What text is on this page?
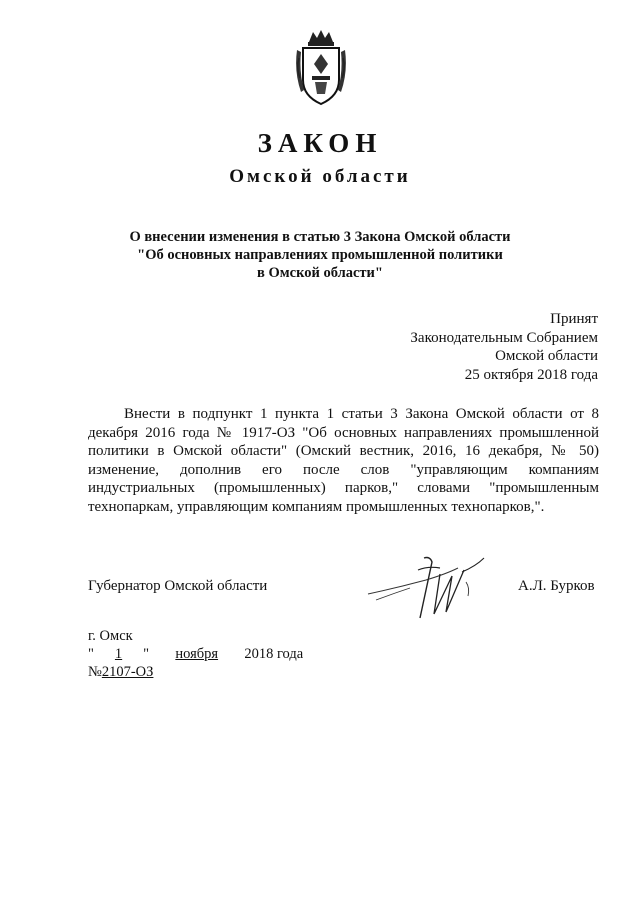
ЗАКОН
Омской области
О внесении изменения в статью 3 Закона Омской области
"Об основных направлениях промышленной политики
в Омской области"
Принят
Законодательным Собранием
Омской области
25 октября 2018 года

Внести в подпункт 1 пункта 1 статьи 3 Закона Омской области от 8 декабря 2016 года № 1917-ОЗ "Об основных направлениях промышленной политики в Омской области" (Омский вестник, 2016, 16 декабря, № 50) изменение, дополнив его после слов "управляющим компаниям индустриальных (промышленных) парков," словами "промышленным технопаркам, управляющим компаниям промышленных технопарков,".

Губернатор Омской области	А.Л. Бурков
г. Омск
" 1 " ноября 2018 года
№2107-ОЗ
